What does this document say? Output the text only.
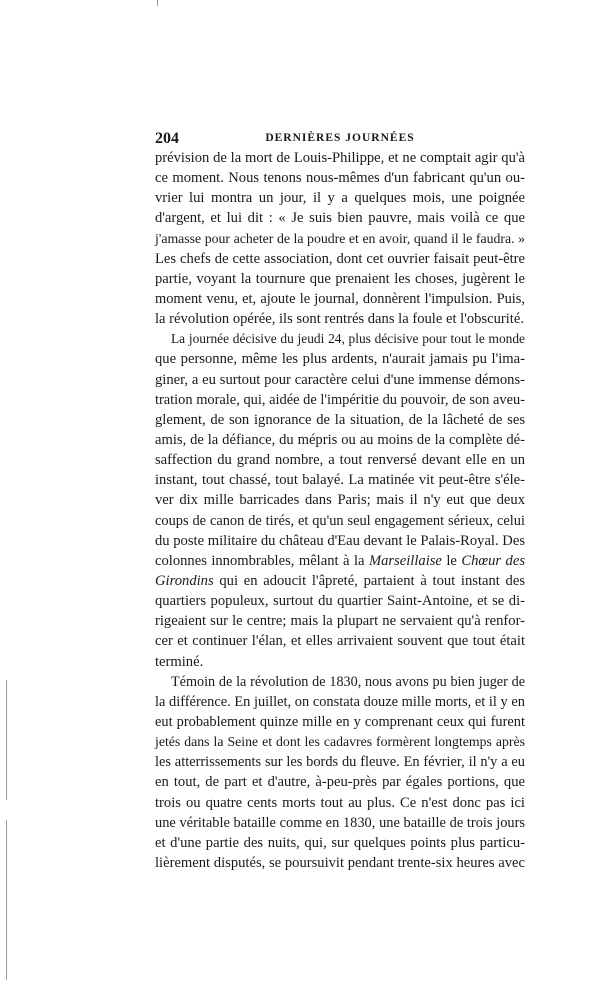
204	DERNIÈRES JOURNÉES
prévision de la mort de Louis-Philippe, et ne comptait agir qu'à
ce moment. Nous tenons nous-mêmes d'un fabricant qu'un ou-
vrier lui montra un jour, il y a quelques mois, une poignée
d'argent, et lui dit : « Je suis bien pauvre, mais voilà ce que
j'amasse pour acheter de la poudre et en avoir, quand il le faudra. »
Les chefs de cette association, dont cet ouvrier faisait peut-être
partie, voyant la tournure que prenaient les choses, jugèrent le
moment venu, et, ajoute le journal, donnèrent l'impulsion. Puis,
la révolution opérée, ils sont rentrés dans la foule et l'obscurité.
La journée décisive du jeudi 24, plus décisive pour tout le monde
que personne, même les plus ardents, n'aurait jamais pu l'ima-
giner, a eu surtout pour caractère celui d'une immense démons-
tration morale, qui, aidée de l'impéritie du pouvoir, de son aveu-
glement, de son ignorance de la situation, de la lâcheté de ses
amis, de la défiance, du mépris ou au moins de la complète dé-
saffection du grand nombre, a tout renversé devant elle en un
instant, tout chassé, tout balayé. La matinée vit peut-être s'éle-
ver dix mille barricades dans Paris; mais il n'y eut que deux
coups de canon de tirés, et qu'un seul engagement sérieux, celui
du poste militaire du château d'Eau devant le Palais-Royal. Des
colonnes innombrables, mêlant à la Marseillaise le Chœur des
Girondins qui en adoucit l'âpreté, partaient à tout instant des
quartiers populeux, surtout du quartier Saint-Antoine, et se di-
rigeaient sur le centre; mais la plupart ne servaient qu'à renfor-
cer et continuer l'élan, et elles arrivaient souvent que tout était
terminé.
Témoin de la révolution de 1830, nous avons pu bien juger de
la différence. En juillet, on constata douze mille morts, et il y en
eut probablement quinze mille en y comprenant ceux qui furent
jetés dans la Seine et dont les cadavres formèrent longtemps après
les atterrissements sur les bords du fleuve. En février, il n'y a eu
en tout, de part et d'autre, à-peu-près par égales portions, que
trois ou quatre cents morts tout au plus. Ce n'est donc pas ici
une véritable bataille comme en 1830, une bataille de trois jours
et d'une partie des nuits, qui, sur quelques points plus particu-
lièrement disputés, se poursuivit pendant trente-six heures avec
